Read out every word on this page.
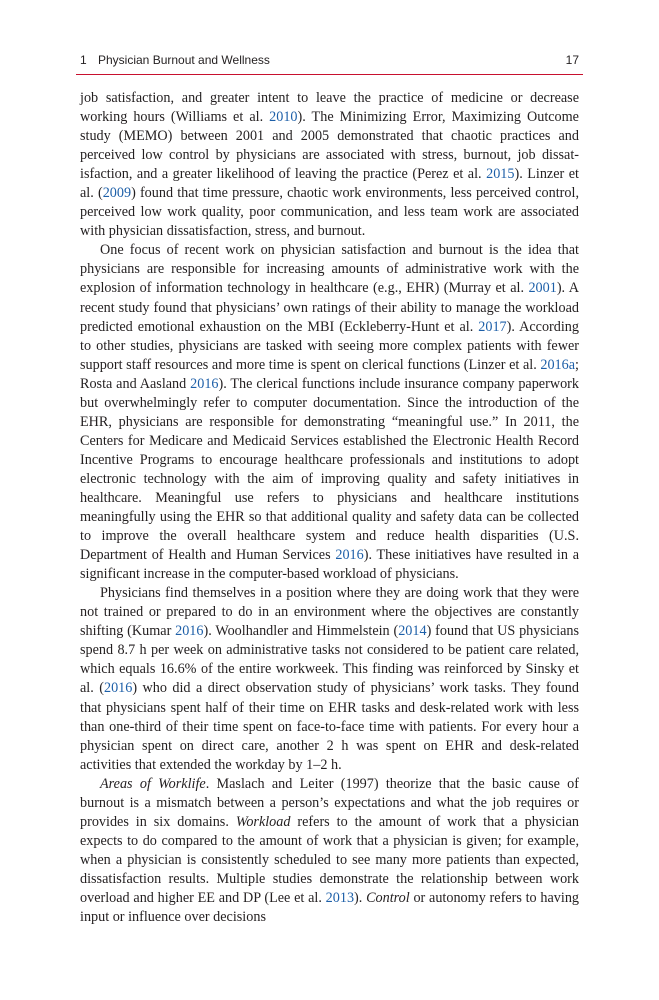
1 Physician Burnout and Wellness	17

job satisfaction, and greater intent to leave the practice of medicine or decrease working hours (Williams et al. 2010). The Minimizing Error, Maximizing Outcome study (MEMO) between 2001 and 2005 demonstrated that chaotic practices and perceived low control by physicians are associated with stress, burnout, job dissatisfaction, and a greater likelihood of leaving the practice (Perez et al. 2015). Linzer et al. (2009) found that time pressure, chaotic work environments, less perceived control, perceived low work quality, poor communication, and less team work are associated with physician dissatisfaction, stress, and burnout.

One focus of recent work on physician satisfaction and burnout is the idea that physicians are responsible for increasing amounts of administrative work with the explosion of information technology in healthcare (e.g., EHR) (Murray et al. 2001). A recent study found that physicians’ own ratings of their ability to manage the workload predicted emotional exhaustion on the MBI (Eckleberry-Hunt et al. 2017). According to other studies, physicians are tasked with seeing more complex patients with fewer support staff resources and more time is spent on clerical functions (Linzer et al. 2016a; Rosta and Aasland 2016). The clerical functions include insurance company paperwork but overwhelmingly refer to computer documentation. Since the introduction of the EHR, physicians are responsible for demonstrating “meaningful use.” In 2011, the Centers for Medicare and Medicaid Services established the Electronic Health Record Incentive Programs to encourage healthcare professionals and institutions to adopt electronic technology with the aim of improving quality and safety initiatives in healthcare. Meaningful use refers to physicians and healthcare institutions meaningfully using the EHR so that additional quality and safety data can be collected to improve the overall healthcare system and reduce health disparities (U.S. Department of Health and Human Services 2016). These initiatives have resulted in a significant increase in the computer-based workload of physicians.

Physicians find themselves in a position where they are doing work that they were not trained or prepared to do in an environment where the objectives are constantly shifting (Kumar 2016). Woolhandler and Himmelstein (2014) found that US physicians spend 8.7 h per week on administrative tasks not considered to be patient care related, which equals 16.6% of the entire workweek. This finding was reinforced by Sinsky et al. (2016) who did a direct observation study of physicians’ work tasks. They found that physicians spent half of their time on EHR tasks and desk-related work with less than one-third of their time spent on face-to-face time with patients. For every hour a physician spent on direct care, another 2 h was spent on EHR and desk-related activities that extended the workday by 1–2 h.

Areas of Worklife. Maslach and Leiter (1997) theorize that the basic cause of burnout is a mismatch between a person’s expectations and what the job requires or provides in six domains. Workload refers to the amount of work that a physician expects to do compared to the amount of work that a physician is given; for example, when a physician is consistently scheduled to see many more patients than expected, dissatisfaction results. Multiple studies demonstrate the relationship between work overload and higher EE and DP (Lee et al. 2013). Control or autonomy refers to having input or influence over decisions
